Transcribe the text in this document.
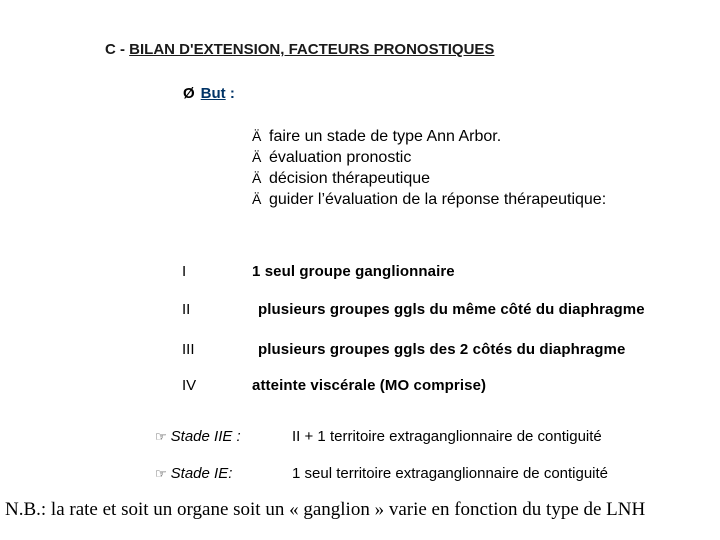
C - BILAN D'EXTENSION, FACTEURS PRONOSTIQUES
Ø But :
Ä faire un stade de type Ann Arbor.
Ä évaluation pronostic
Ä décision thérapeutique
Ä guider l’évaluation de la réponse thérapeutique:
I	1 seul groupe ganglionnaire
II	plusieurs groupes ggls du même côté du diaphragme
III	plusieurs groupes ggls des 2 côtés du diaphragme
IV	atteinte viscérale (MO comprise)
☞ Stade IIE :	II + 1 territoire extraganglionnaire de contiguité
☞ Stade IE:	1 seul territoire extraganglionnaire de contiguité
N.B.: la rate et soit un organe soit un « ganglion » varie en fonction du type de LNH
